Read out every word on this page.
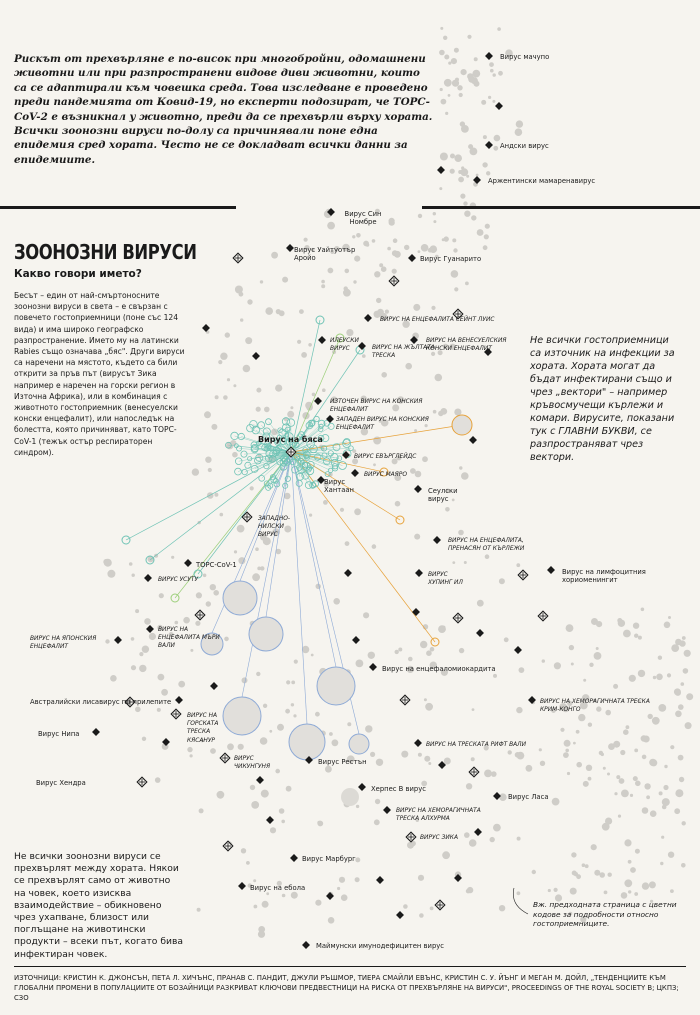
Рискът от прехвърляне е по-висок при многобройни, одомашнени животни или при разпространени видове диви животни, които са се адаптирали към човешка среда. Това изследване е проведено преди пандемията от Ковид-19, но експерти подозират, че ТОРС-CoV-2 е възникнал у животно, преди да се прехвърли върху хората. Всички зоонозни вируси по-долу са причинявали поне една епидемия сред хората. Често не се докладват всички данни за епидемиите.
ЗООНОЗНИ ВИРУСИ
Какво говори името?
Бесът – един от най-смъртоносните зоонозни вируси в света – е свързан с повечето гостоприемници (поне със 124 вида) и има широко географско разпространение. Името му на латински Rabies също означава „бяс". Други вируси са наречени на мястото, където са били открити за пръв път (вирусът Зика например е наречен на горски регион в Източна Африка), или в комбинация с животното гостоприемник (венесуелски конски енцефалит), или напоследък на болестта, която причиняват, като ТОРС-CoV-1 (тежък остър респираторен синдром).
Не всички гостоприемници са източник на инфекции за хората. Хората могат да бъдат инфектирани също и чрез „вектори" – например кръвосмучещи кърлежи и комари. Вирусите, показани тук с ГЛАВНИ БУКВИ, се разпространяват чрез вектори.
Не всички зоонозни вируси се прехвърлят между хората. Някои се прехвърлят само от животно на човек, което изисква взаимодействие – обикновено чрез ухапване, близост или поглъщане на животински продукти – всеки път, когато бива инфектиран човек.
Вж. предходната страница с цветни кодове за подробности относно гостоприемниците.
ИЗТОЧНИЦИ: КРИСТИН К. ДЖОНСЪН, ПЕТА Л. ХИЧЪНС, ПРАНАВ С. ПАНДИТ, ДЖУЛИ РЪШМОР, ТИЕРА СМАЙЛИ ЕВЪНС, КРИСТИН С. У. ЙЪНГ И МЕГАН М. ДОЙЛ, „ТЕНДЕНЦИИТЕ КЪМ ГЛОБАЛНИ ПРОМЕНИ В ПОПУЛАЦИИТЕ ОТ БОЗАЙНИЦИ РАЗКРИВАТ КЛЮЧОВИ ПРЕДВЕСТНИЦИ НА РИСКА ОТ ПРЕХВЪРЛЯНЕ НА ВИРУСИ", PROCEEDINGS OF THE ROYAL SOCIETY B; ЦКПЗ; СЗО
Вирус мачупо
Андски вирус
Аржентински мамаренавирус
Вирус Син Номбре
Вирус Уайтуотър Аройо	Вирус Гуанарито
ВИРУС НА ЕНЦЕФАЛИТА СЕЙНТ ЛУИС
ИЛЕУСКИ ВИРУС	ВИРУС НА ЖЪЛТАТА ТРЕСКА
ВИРУС НА ВЕНЕСУЕЛСКИЯ КОНСКИ ЕНЦЕФАЛИТ
ИЗТОЧЕН ВИРУС НА КОНСКИЯ ЕНЦЕФАЛИТ
ЗАПАДЕН ВИРУС НА КОНСКИЯ ЕНЦЕФАЛИТ
Вирус на бяса
ВИРУС ЕВЪРГЛЕЙДС
ВИРУС МАЯРО
Вирус Хантаан	Сеулски вирус
ЗАПАДНО-НИЛСКИ ВИРУС
ВИРУС НА ЕНЦЕФАЛИТА, ПРЕНАСЯН ОТ КЪРЛЕЖИ
ТОРС-CoV-1
ВИРУС УСУТУ
ВИРУС ХУПИНГ ИЛ
Вирус на лимфоцитния хориоменингит
ВИРУС НА ЯПОНСКИЯ ЕНЦЕФАЛИТ
ВИРУС НА ЕНЦЕФАЛИТА МЪРИ ВАЛИ
Вирус на енцефаломиокардита
Австралийски лисавирус по прилепите	ВИРУС НА ХЕМОРАГИЧНАТА ТРЕСКА КРИМ-КОНГО
ВИРУС НА ГОРСКАТА ТРЕСКА КЯСАНУР
Вирус Нипа
ВИРУС НА ТРЕСКАТА РИФТ ВАЛИ
ВИРУС ЧИКУНГУНЯ
Вирус Рестън
Вирус Хендра
Вирус Ласа
Херпес В вирус
ВИРУС НА ХЕМОРАГИЧНАТА ТРЕСКА АЛХУРМА
ВИРУС ЗИКА
Вирус Марбург
Вирус на ебола
Маймунски имунодефицитен вирус
